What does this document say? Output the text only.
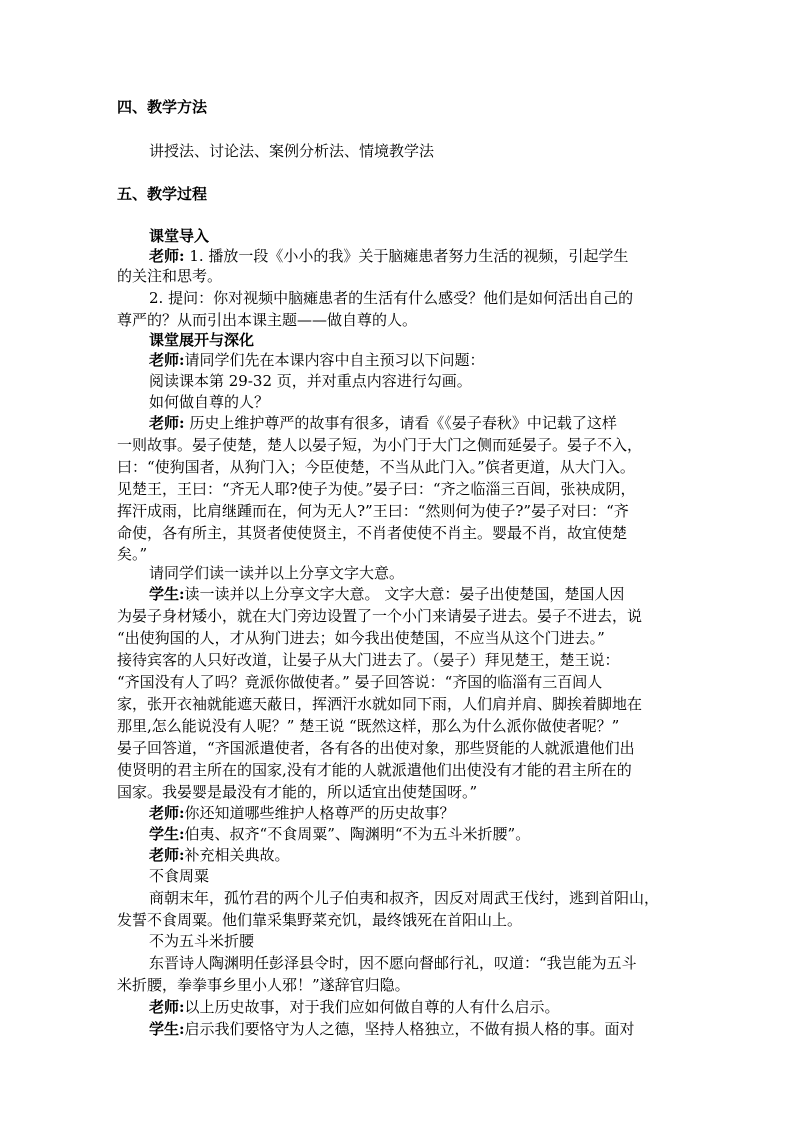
四、教学方法
讲授法、讨论法、案例分析法、情境教学法
五、教学过程
课堂导入
老师: 1. 播放一段《小小的我》关于脑瘫患者努力生活的视频，引起学生
的关注和思考。
2. 提问：你对视频中脑瘫患者的生活有什么感受？他们是如何活出自己的
尊严的？从而引出本课主题——做自尊的人。
课堂展开与深化
老师:请同学们先在本课内容中自主预习以下问题：
阅读课本第 29-32 页，并对重点内容进行勾画。
如何做自尊的人？
老师: 历史上维护尊严的故事有很多，请看《《晏子春秋》中记载了这样
一则故事。晏子使楚，楚人以晏子短，为小门于大门之侧而延晏子。晏子不入，
曰：“使狗国者，从狗门入；今臣使楚，不当从此门入。”傧者更道，从大门入。
见楚王，王曰：“齐无人耶?使子为使。”晏子曰：“齐之临淄三百闾，张袂成阴，
挥汗成雨，比肩继踵而在，何为无人?”王曰：“然则何为使子?”晏子对曰：“齐
命使，各有所主，其贤者使使贤主，不肖者使使不肖主。婴最不肖，故宜使楚
矣。”
请同学们读一读并以上分享文字大意。
学生:读一读并以上分享文字大意。 文字大意：晏子出使楚国，楚国人因
为晏子身材矮小，就在大门旁边设置了一个小门来请晏子进去。晏子不进去，说
“出使狗国的人，才从狗门进去；如今我出使楚国，不应当从这个门进去。”
接待宾客的人只好改道，让晏子从大门进去了。（晏子）拜见楚王，楚王说：
“齐国没有人了吗？竟派你做使者。” 晏子回答说：“齐国的临淄有三百闾人
家，张开衣袖就能遮天蔽日，挥洒汗水就如同下雨，人们肩并肩、脚挨着脚地在
那里,怎么能说没有人呢？” 楚王说 “既然这样，那么为什么派你做使者呢？”
晏子回答道，“齐国派遣使者，各有各的出使对象，那些贤能的人就派遣他们出
使贤明的君主所在的国家,没有才能的人就派遣他们出使没有才能的君主所在的
国家。我晏婴是最没有才能的，所以适宜出使楚国呀。”
老师:你还知道哪些维护人格尊严的历史故事？
学生:伯夷、叔齐“不食周粟”、陶渊明“不为五斗米折腰”。
老师:补充相关典故。
不食周粟
商朝末年，孤竹君的两个儿子伯夷和叔齐，因反对周武王伐纣，逃到首阳山，
发誓不食周粟。他们靠采集野菜充饥，最终饿死在首阳山上。
不为五斗米折腰
东晋诗人陶渊明任彭泽县令时，因不愿向督邮行礼，叹道：“我岂能为五斗
米折腰，拳拳事乡里小人邪！”遂辞官归隐。
老师:以上历史故事，对于我们应如何做自尊的人有什么启示。
学生:启示我们要恪守为人之德，坚持人格独立，不做有损人格的事。面对
